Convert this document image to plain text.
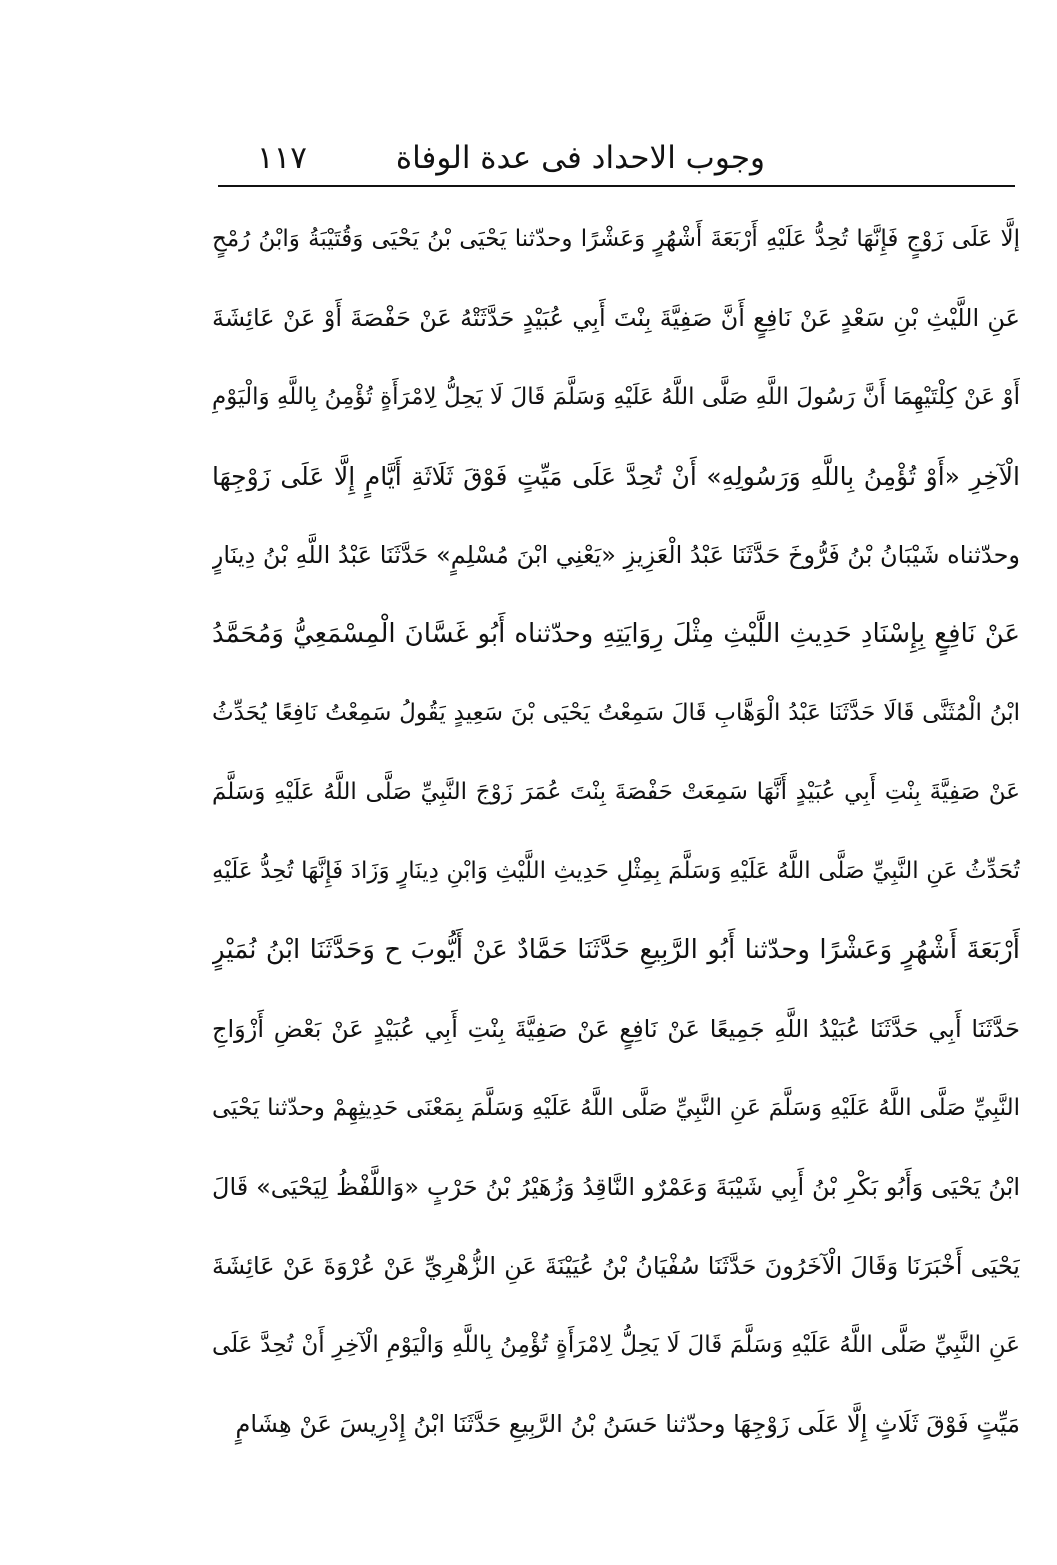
وجوب الاحداد فى عدة الوفاة
١١٧
إلَّا عَلَى زَوْجٍ فَإِنَّهَا تُحِدُّ عَلَيْهِ أَرْبَعَةَ أَشْهُرٍ وَعَشْرًا وحدّثنا يَحْيَى بْنُ يَحْيَى وَقُتَيْبَةُ وَابْنُ رُمْحٍ
عَنِ اللَّيْثِ بْنِ سَعْدٍ عَنْ نَافِعٍ أَنَّ صَفِيَّةَ بِنْتَ أَبِي عُبَيْدٍ حَدَّثَتْهُ عَنْ حَفْصَةَ أَوْ عَنْ عَائِشَةَ
أَوْ عَنْ كِلْتَيْهِمَا أَنَّ رَسُولَ اللَّهِ صَلَّى اللَّهُ عَلَيْهِ وَسَلَّمَ قَالَ لَا يَحِلُّ لِامْرَأَةٍ تُؤْمِنُ بِاللَّهِ وَالْيَوْمِ
الْآخِرِ «أَوْ تُؤْمِنُ بِاللَّهِ وَرَسُولِهِ» أَنْ تُحِدَّ عَلَى مَيِّتٍ فَوْقَ ثَلَاثَةِ أَيَّامٍ إِلَّا عَلَى زَوْجِهَا
وحدّثناه شَيْبَانُ بْنُ فَرُّوخَ حَدَّثَنَا عَبْدُ الْعَزِيزِ «يَعْنِي ابْنَ مُسْلِمٍ» حَدَّثَنَا عَبْدُ اللَّهِ بْنُ دِينَارٍ
عَنْ نَافِعٍ بِإِسْنَادِ حَدِيثِ اللَّيْثِ مِثْلَ رِوَايَتِهِ وحدّثناه أَبُو غَسَّانَ الْمِسْمَعِيُّ وَمُحَمَّدُ
ابْنُ الْمُثَنَّى قَالَا حَدَّثَنَا عَبْدُ الْوَهَّابِ قَالَ سَمِعْتُ يَحْيَى بْنَ سَعِيدٍ يَقُولُ سَمِعْتُ نَافِعًا يُحَدِّثُ
عَنْ صَفِيَّةَ بِنْتِ أَبِي عُبَيْدٍ أَنَّهَا سَمِعَتْ حَفْصَةَ بِنْتَ عُمَرَ زَوْجَ النَّبِيِّ صَلَّى اللَّهُ عَلَيْهِ وَسَلَّمَ
تُحَدِّثُ عَنِ النَّبِيِّ صَلَّى اللَّهُ عَلَيْهِ وَسَلَّمَ بِمِثْلِ حَدِيثِ اللَّيْثِ وَابْنِ دِينَارٍ وَزَادَ فَإِنَّهَا تُحِدُّ عَلَيْهِ
أَرْبَعَةَ أَشْهُرٍ وَعَشْرًا وحدّثنا أَبُو الرَّبِيعِ حَدَّثَنَا حَمَّادٌ عَنْ أَيُّوبَ ح وَحَدَّثَنَا ابْنُ نُمَيْرٍ
حَدَّثَنَا أَبِي حَدَّثَنَا عُبَيْدُ اللَّهِ جَمِيعًا عَنْ نَافِعٍ عَنْ صَفِيَّةَ بِنْتِ أَبِي عُبَيْدٍ عَنْ بَعْضِ أَزْوَاجِ
النَّبِيِّ صَلَّى اللَّهُ عَلَيْهِ وَسَلَّمَ عَنِ النَّبِيِّ صَلَّى اللَّهُ عَلَيْهِ وَسَلَّمَ بِمَعْنَى حَدِيثِهِمْ وحدّثنا يَحْيَى
ابْنُ يَحْيَى وَأَبُو بَكْرِ بْنُ أَبِي شَيْبَةَ وَعَمْرٌو النَّاقِدُ وَزُهَيْرُ بْنُ حَرْبٍ «وَاللَّفْظُ لِيَحْيَى» قَالَ
يَحْيَى أَخْبَرَنَا وَقَالَ الْآخَرُونَ حَدَّثَنَا سُفْيَانُ بْنُ عُيَيْنَةَ عَنِ الزُّهْرِيِّ عَنْ عُرْوَةَ عَنْ عَائِشَةَ
عَنِ النَّبِيِّ صَلَّى اللَّهُ عَلَيْهِ وَسَلَّمَ قَالَ لَا يَحِلُّ لِامْرَأَةٍ تُؤْمِنُ بِاللَّهِ وَالْيَوْمِ الْآخِرِ أَنْ تُحِدَّ عَلَى
مَيِّتٍ فَوْقَ ثَلَاثٍ إِلَّا عَلَى زَوْجِهَا وحدّثنا حَسَنُ بْنُ الرَّبِيعِ حَدَّثَنَا ابْنُ إِدْرِيسَ عَنْ هِشَامٍ
